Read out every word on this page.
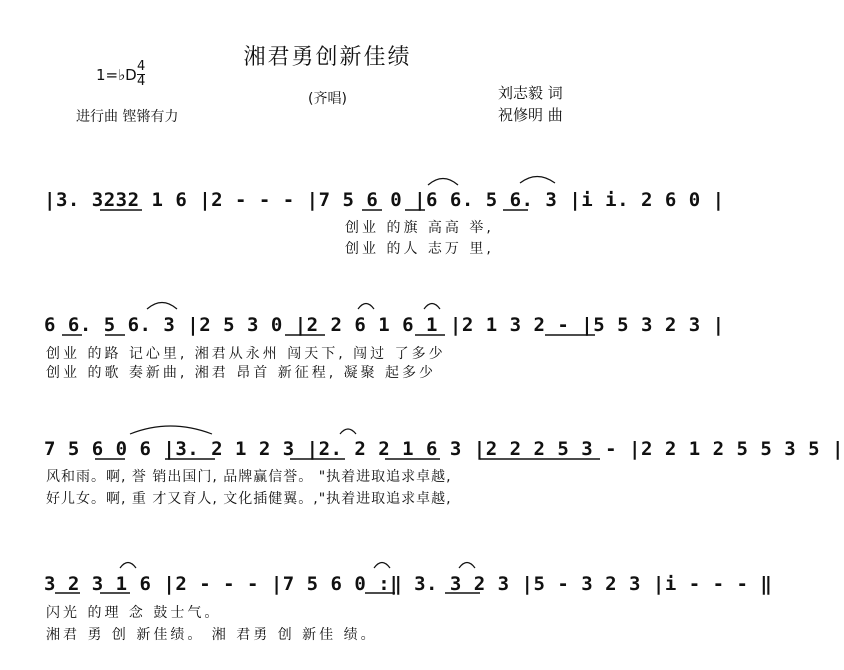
湘君勇创新佳绩
(齐唱)
1=♭D 4
4
进行曲 铿锵有力
刘志毅 词
祝修明 曲
|3. 3232 1 6 |2 - - - |7 5 6 0 |6 6. 5 6. 3 |i i. 2 6 0 |
创业 的旗 高高 举,
创业 的人 志万 里,
6 6. 5 6. 3 |2 5 3 0 |2 2 6 1 6 1 |2 1 3 2 - |5 5 3 2 3 |
创业 的路 记心里, 湘君从永州 闯天下, 闯过 了多少
创业 的歌 奏新曲, 湘君 昂首 新征程, 凝聚 起多少
7 5 6 0 6 |3. 2 1 2 3 |2. 2 2 1 6 3 |2 2 2 5 3 - |2 2 1 2 5 5 3 5 |
风和雨。啊, 誉 销出国门, 品牌赢信誉。 "执着进取追求卓越,
好儿女。啊, 重 才又育人, 文化插健翼。,"执着进取追求卓越,
3 2 3 1 6 |2 - - - |7 5 6 0 :‖ 3. 3 2 3 |5 - 3 2 3 |i - - - ‖
闪光 的理 念 鼓士气。
湘君 勇 创 新佳绩。 湘 君勇 创 新佳 绩。
